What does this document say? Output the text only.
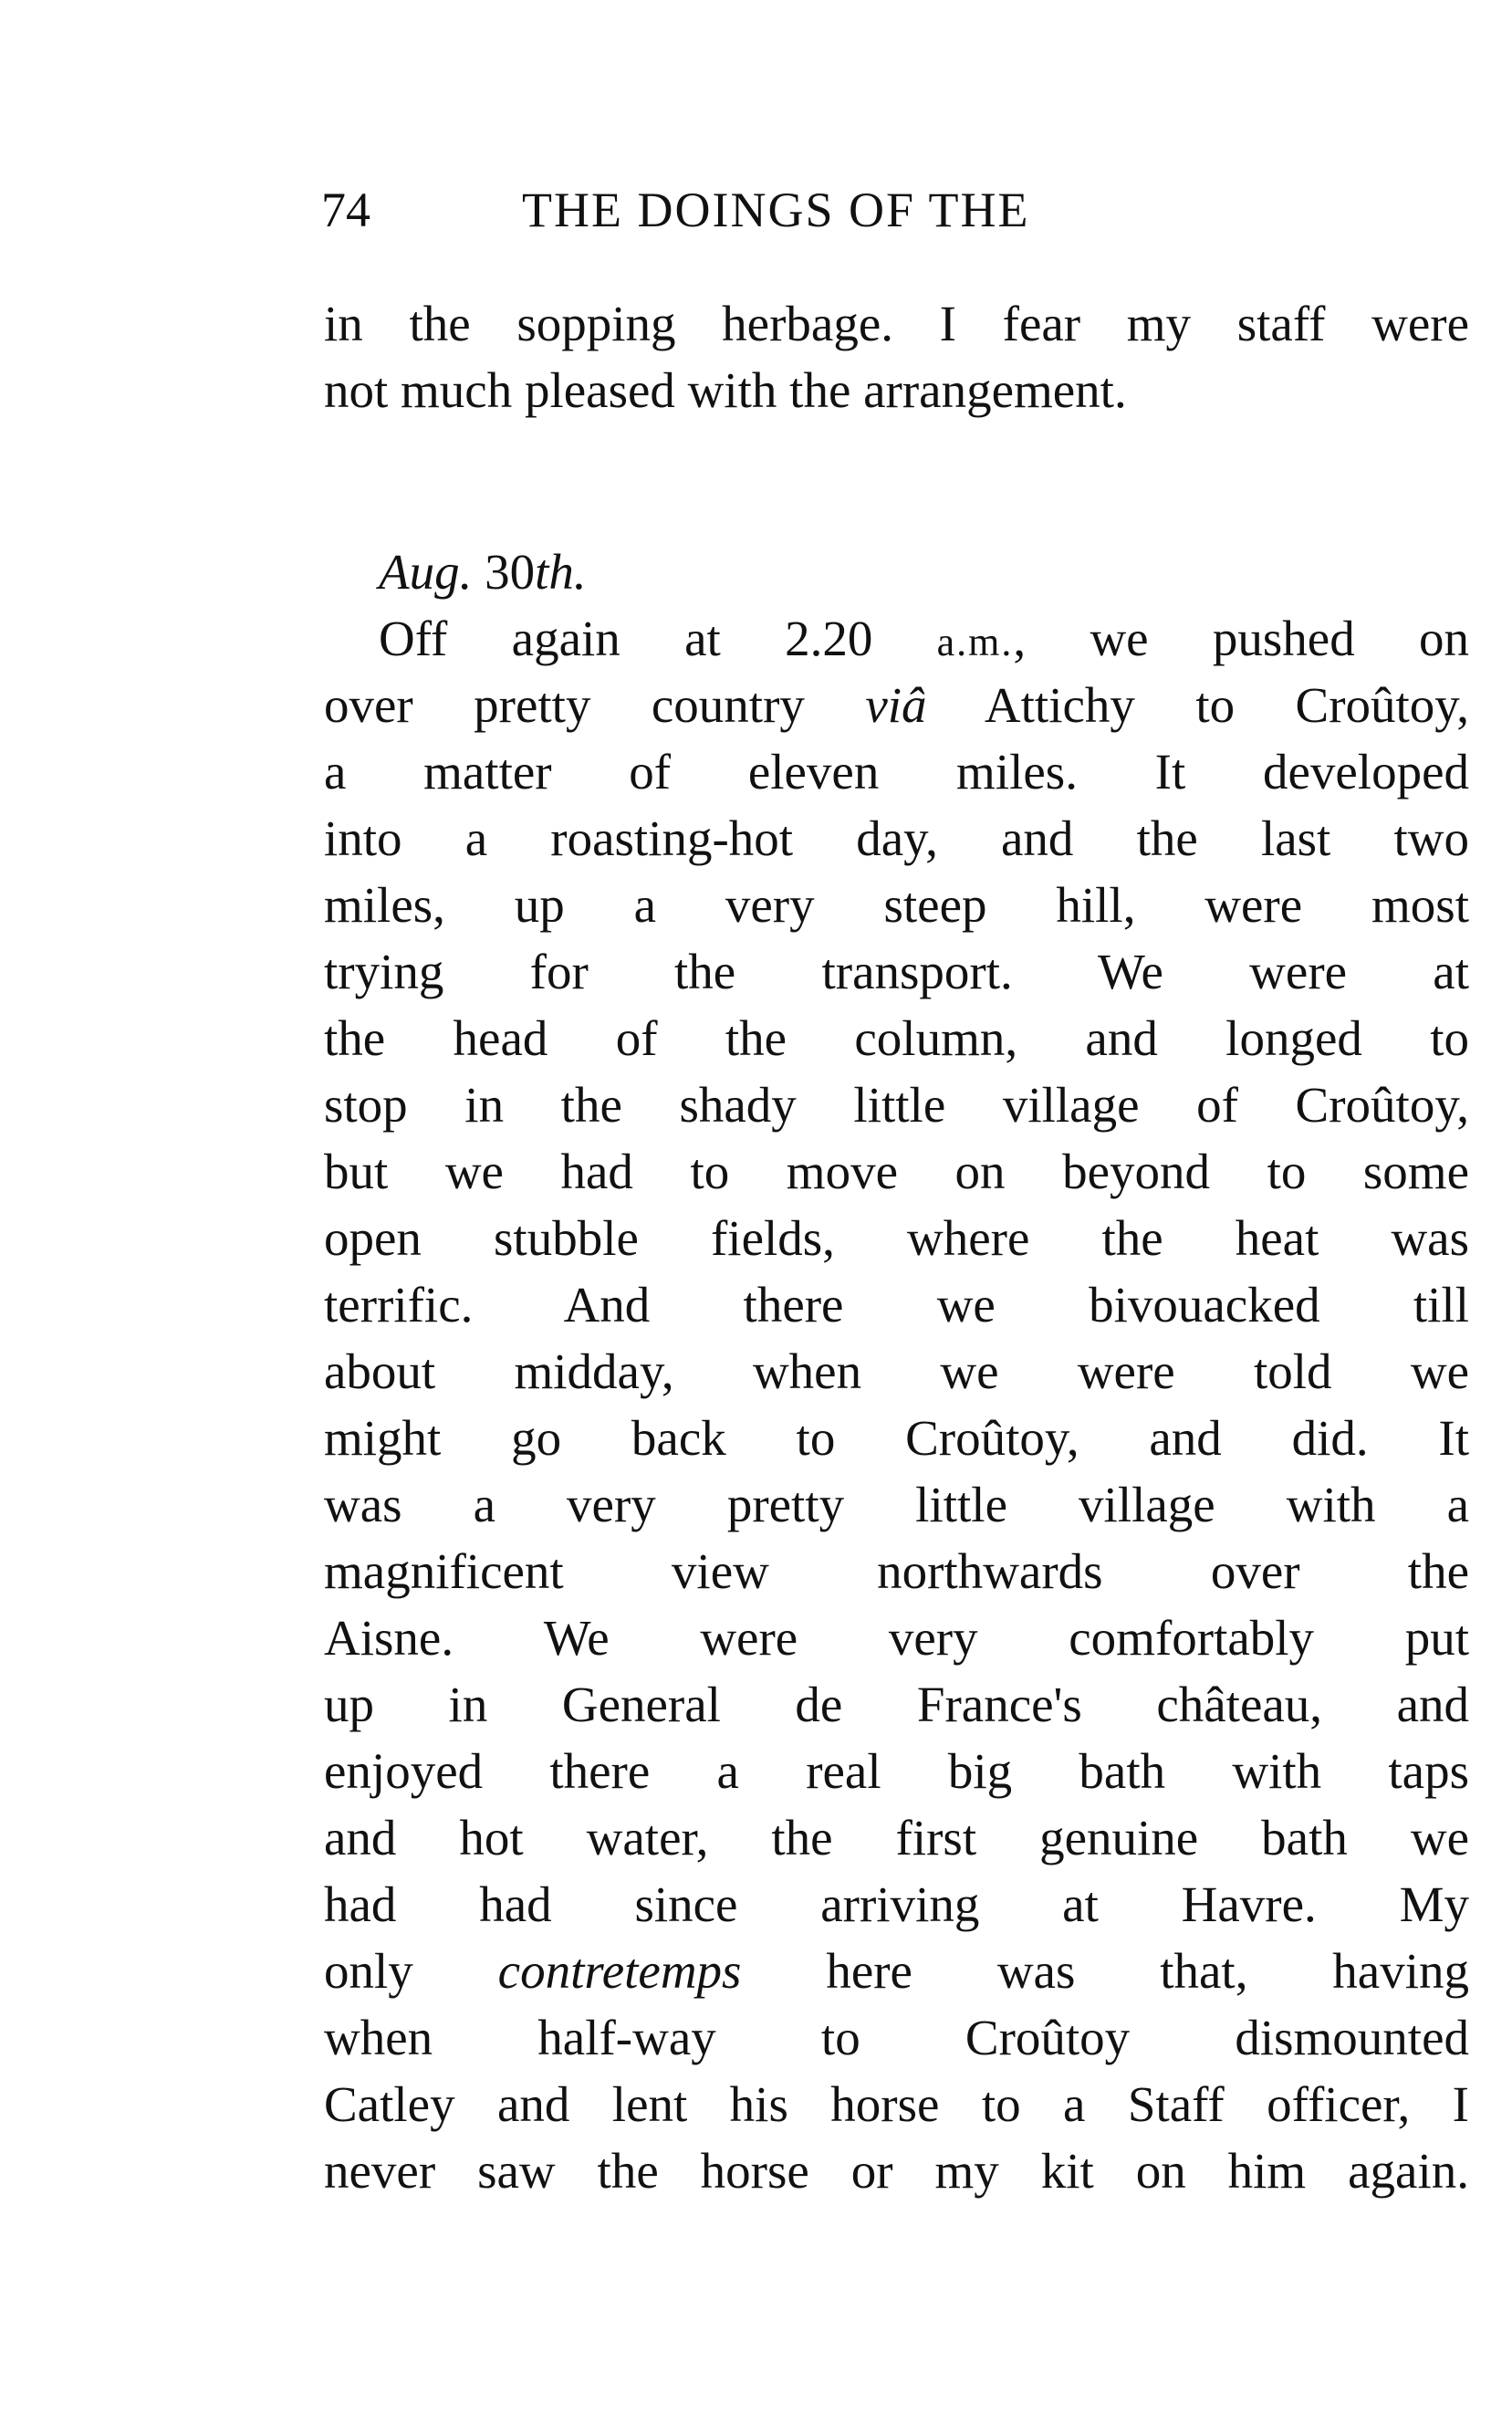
74	THE DOINGS OF THE
in the sopping herbage. I fear my staff were
not much pleased with the arrangement.
Aug. 30th.
Off again at 2.20 a.m., we pushed on
over pretty country viâ Attichy to Croûtoy,
a matter of eleven miles. It developed
into a roasting-hot day, and the last two
miles, up a very steep hill, were most
trying for the transport. We were at
the head of the column, and longed to
stop in the shady little village of Croûtoy,
but we had to move on beyond to some
open stubble fields, where the heat was
terrific. And there we bivouacked till
about midday, when we were told we
might go back to Croûtoy, and did. It
was a very pretty little village with a
magnificent view northwards over the
Aisne. We were very comfortably put
up in General de France's château, and
enjoyed there a real big bath with taps
and hot water, the first genuine bath we
had had since arriving at Havre. My
only contretemps here was that, having
when half-way to Croûtoy dismounted
Catley and lent his horse to a Staff officer, I
never saw the horse or my kit on him again.
